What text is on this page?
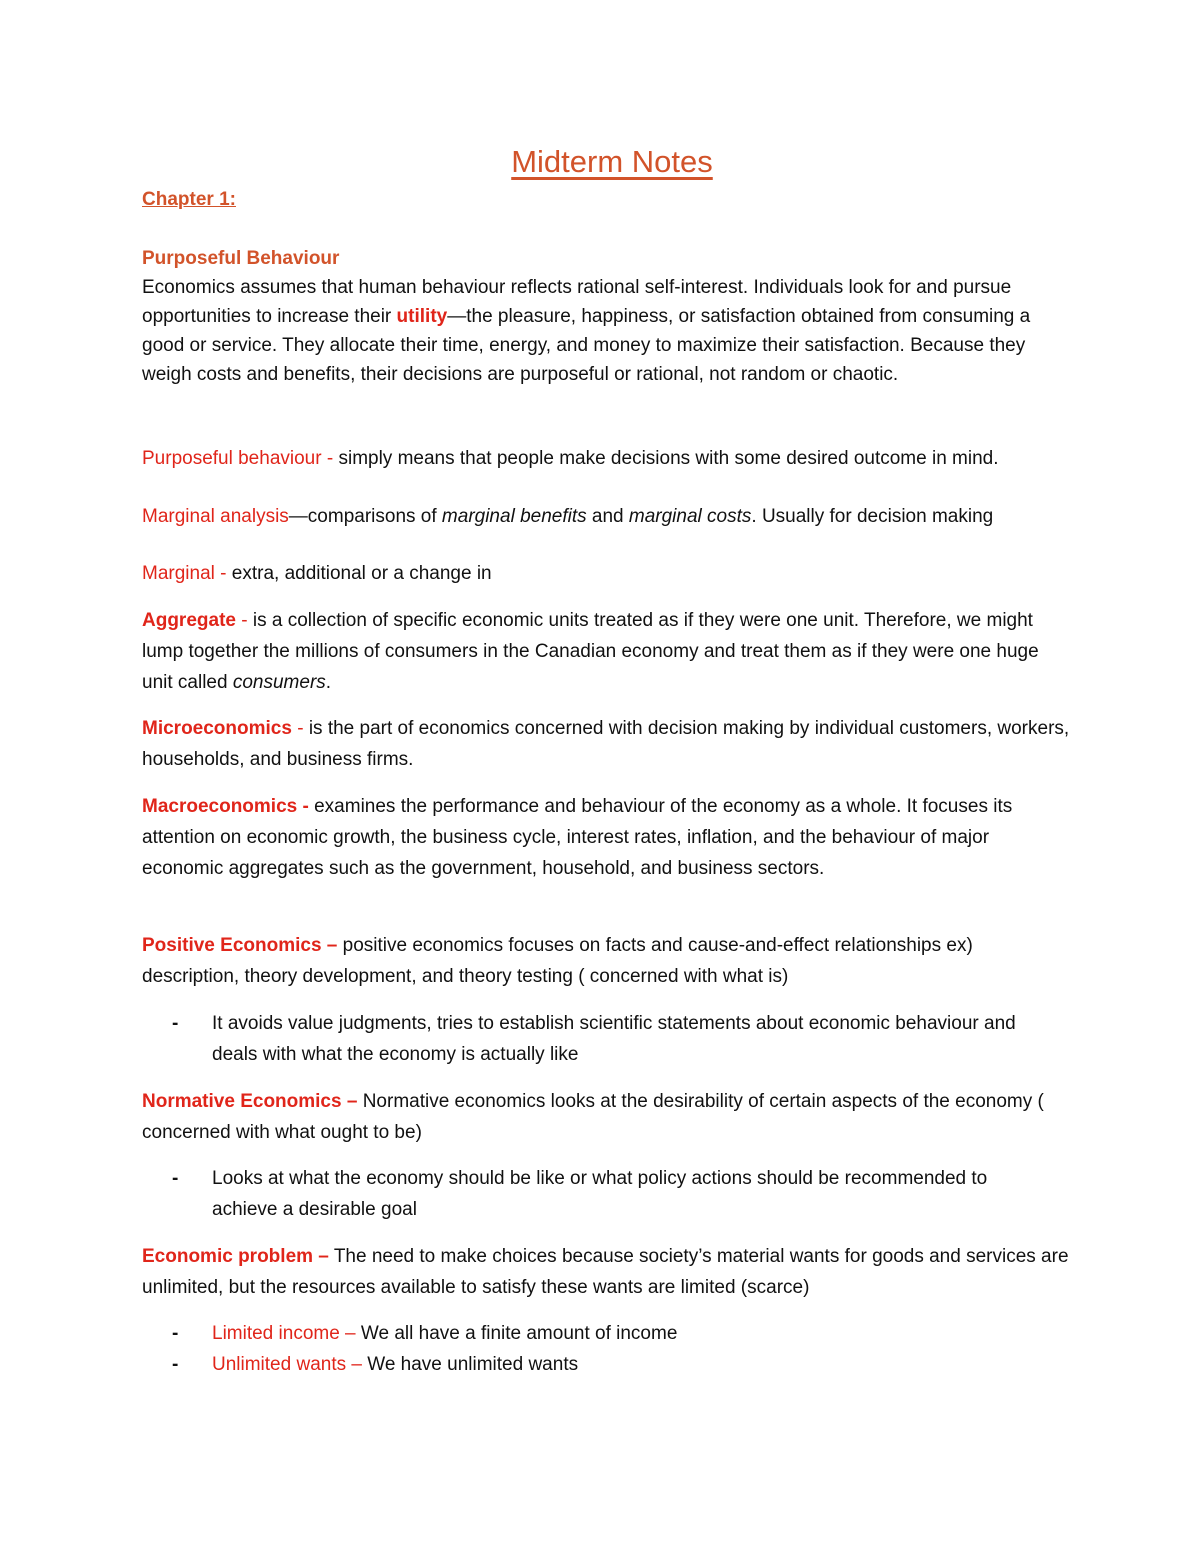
Midterm Notes
Chapter 1:
Purposeful Behaviour
Economics assumes that human behaviour reflects rational self-interest. Individuals look for and pursue opportunities to increase their utility—the pleasure, happiness, or satisfaction obtained from consuming a good or service. They allocate their time, energy, and money to maximize their satisfaction. Because they weigh costs and benefits, their decisions are purposeful or rational, not random or chaotic.
Purposeful behaviour - simply means that people make decisions with some desired outcome in mind.
Marginal analysis—comparisons of marginal benefits and marginal costs. Usually for decision making
Marginal - extra, additional or a change in
Aggregate - is a collection of specific economic units treated as if they were one unit. Therefore, we might lump together the millions of consumers in the Canadian economy and treat them as if they were one huge unit called consumers.
Microeconomics - is the part of economics concerned with decision making by individual customers, workers, households, and business firms.
Macroeconomics - examines the performance and behaviour of the economy as a whole. It focuses its attention on economic growth, the business cycle, interest rates, inflation, and the behaviour of major economic aggregates such as the government, household, and business sectors.
Positive Economics – positive economics focuses on facts and cause-and-effect relationships ex) description, theory development, and theory testing ( concerned with what is)
-	It avoids value judgments, tries to establish scientific statements about economic behaviour and deals with what the economy is actually like
Normative Economics – Normative economics looks at the desirability of certain aspects of the economy ( concerned with what ought to be)
-	Looks at what the economy should be like or what policy actions should be recommended to achieve a desirable goal
Economic problem – The need to make choices because society’s material wants for goods and services are unlimited, but the resources available to satisfy these wants are limited (scarce)
-	Limited income – We all have a finite amount of income
-	Unlimited wants – We have unlimited wants
